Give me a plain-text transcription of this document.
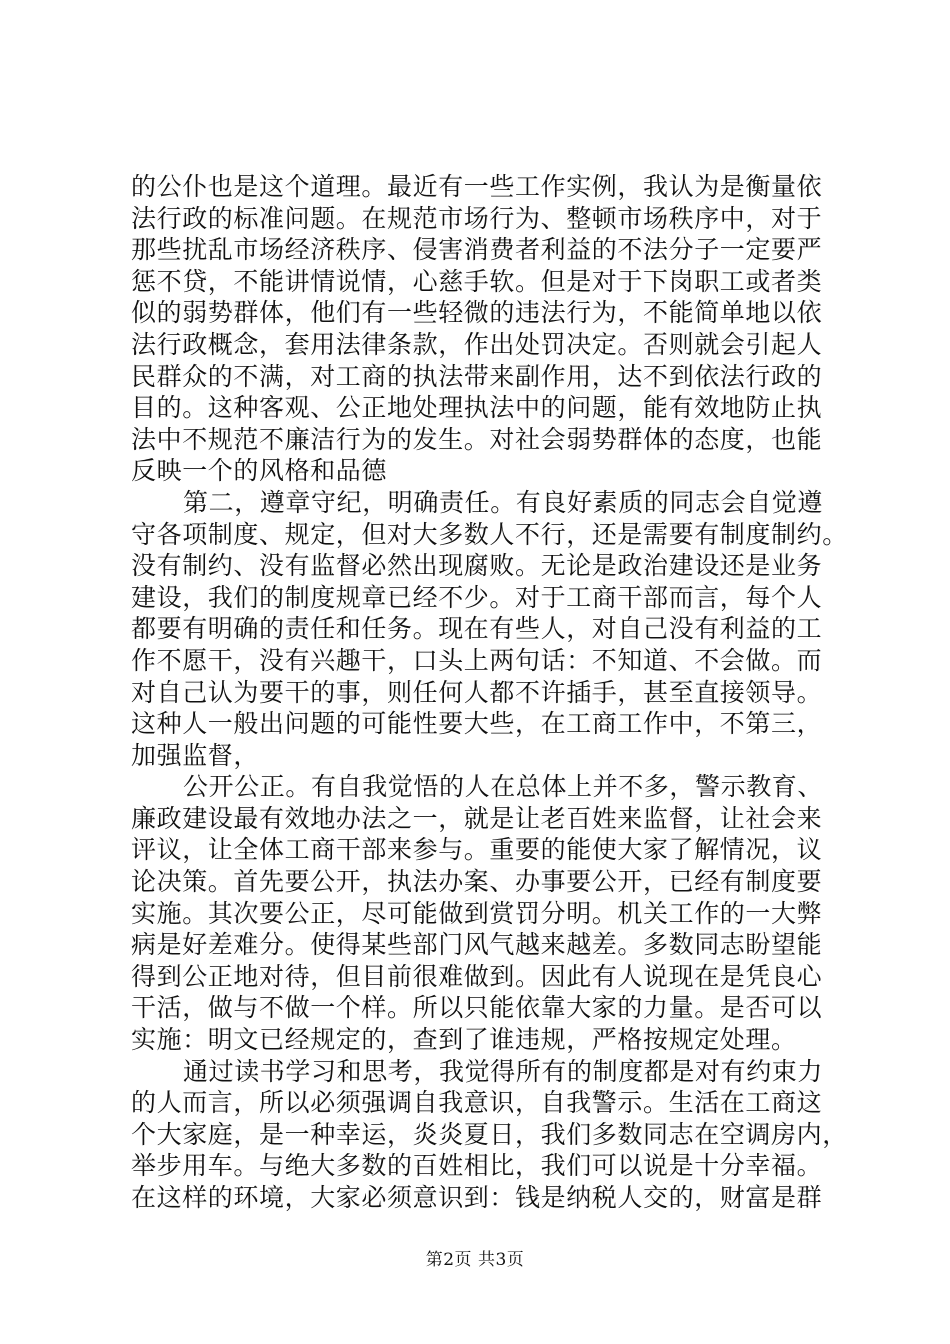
的公仆也是这个道理。最近有一些工作实例，我认为是衡量依
法行政的标准问题。在规范市场行为、整顿市场秩序中，对于
那些扰乱市场经济秩序、侵害消费者利益的不法分子一定要严
惩不贷，不能讲情说情，心慈手软。但是对于下岗职工或者类
似的弱势群体，他们有一些轻微的违法行为，不能简单地以依
法行政概念，套用法律条款，作出处罚决定。否则就会引起人
民群众的不满，对工商的执法带来副作用，达不到依法行政的
目的。这种客观、公正地处理执法中的问题，能有效地防止执
法中不规范不廉洁行为的发生。对社会弱势群体的态度，也能
反映一个的风格和品德
第二，遵章守纪，明确责任。有良好素质的同志会自觉遵
守各项制度、规定，但对大多数人不行，还是需要有制度制约。
没有制约、没有监督必然出现腐败。无论是政治建设还是业务
建设，我们的制度规章已经不少。对于工商干部而言，每个人
都要有明确的责任和任务。现在有些人，对自己没有利益的工
作不愿干，没有兴趣干，口头上两句话：不知道、不会做。而
对自己认为要干的事，则任何人都不许插手，甚至直接领导。
这种人一般出问题的可能性要大些，在工商工作中，不第三，
加强监督，
公开公正。有自我觉悟的人在总体上并不多，警示教育、
廉政建设最有效地办法之一，就是让老百姓来监督，让社会来
评议，让全体工商干部来参与。重要的能使大家了解情况，议
论决策。首先要公开，执法办案、办事要公开，已经有制度要
实施。其次要公正，尽可能做到赏罚分明。机关工作的一大弊
病是好差难分。使得某些部门风气越来越差。多数同志盼望能
得到公正地对待，但目前很难做到。因此有人说现在是凭良心
干活，做与不做一个样。所以只能依靠大家的力量。是否可以
实施：明文已经规定的，查到了谁违规，严格按规定处理。
通过读书学习和思考，我觉得所有的制度都是对有约束力
的人而言，所以必须强调自我意识，自我警示。生活在工商这
个大家庭，是一种幸运，炎炎夏日，我们多数同志在空调房内，
举步用车。与绝大多数的百姓相比，我们可以说是十分幸福。
在这样的环境，大家必须意识到：钱是纳税人交的，财富是群
第2页 共3页
